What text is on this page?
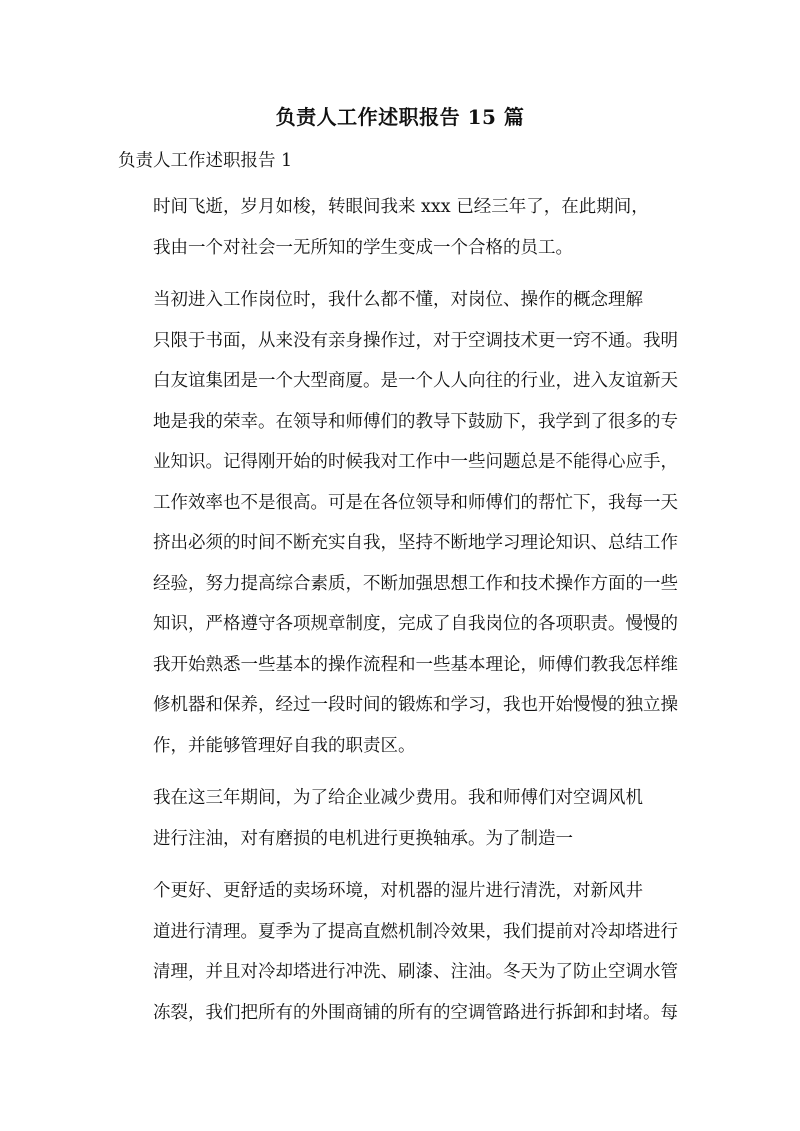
负责人工作述职报告 15 篇
负责人工作述职报告 1

时间飞逝，岁月如梭，转眼间我来 xxx 已经三年了，在此期间，
我由一个对社会一无所知的学生变成一个合格的员工。

当初进入工作岗位时，我什么都不懂，对岗位、操作的概念理解
只限于书面，从来没有亲身操作过，对于空调技术更一窍不通。我明
白友谊集团是一个大型商厦。是一个人人向往的行业，进入友谊新天
地是我的荣幸。在领导和师傅们的教导下鼓励下，我学到了很多的专
业知识。记得刚开始的时候我对工作中一些问题总是不能得心应手，
工作效率也不是很高。可是在各位领导和师傅们的帮忙下，我每一天
挤出必须的时间不断充实自我，坚持不断地学习理论知识、总结工作
经验，努力提高综合素质，不断加强思想工作和技术操作方面的一些
知识，严格遵守各项规章制度，完成了自我岗位的各项职责。慢慢的
我开始熟悉一些基本的操作流程和一些基本理论，师傅们教我怎样维
修机器和保养，经过一段时间的锻炼和学习，我也开始慢慢的独立操
作，并能够管理好自我的职责区。

我在这三年期间，为了给企业减少费用。我和师傅们对空调风机
进行注油，对有磨损的电机进行更换轴承。为了制造一

个更好、更舒适的卖场环境，对机器的湿片进行清洗，对新风井
道进行清理。夏季为了提高直燃机制冷效果，我们提前对冷却塔进行
清理，并且对冷却塔进行冲洗、刷漆、注油。冬天为了防止空调水管
冻裂，我们把所有的外围商铺的所有的空调管路进行拆卸和封堵。每
